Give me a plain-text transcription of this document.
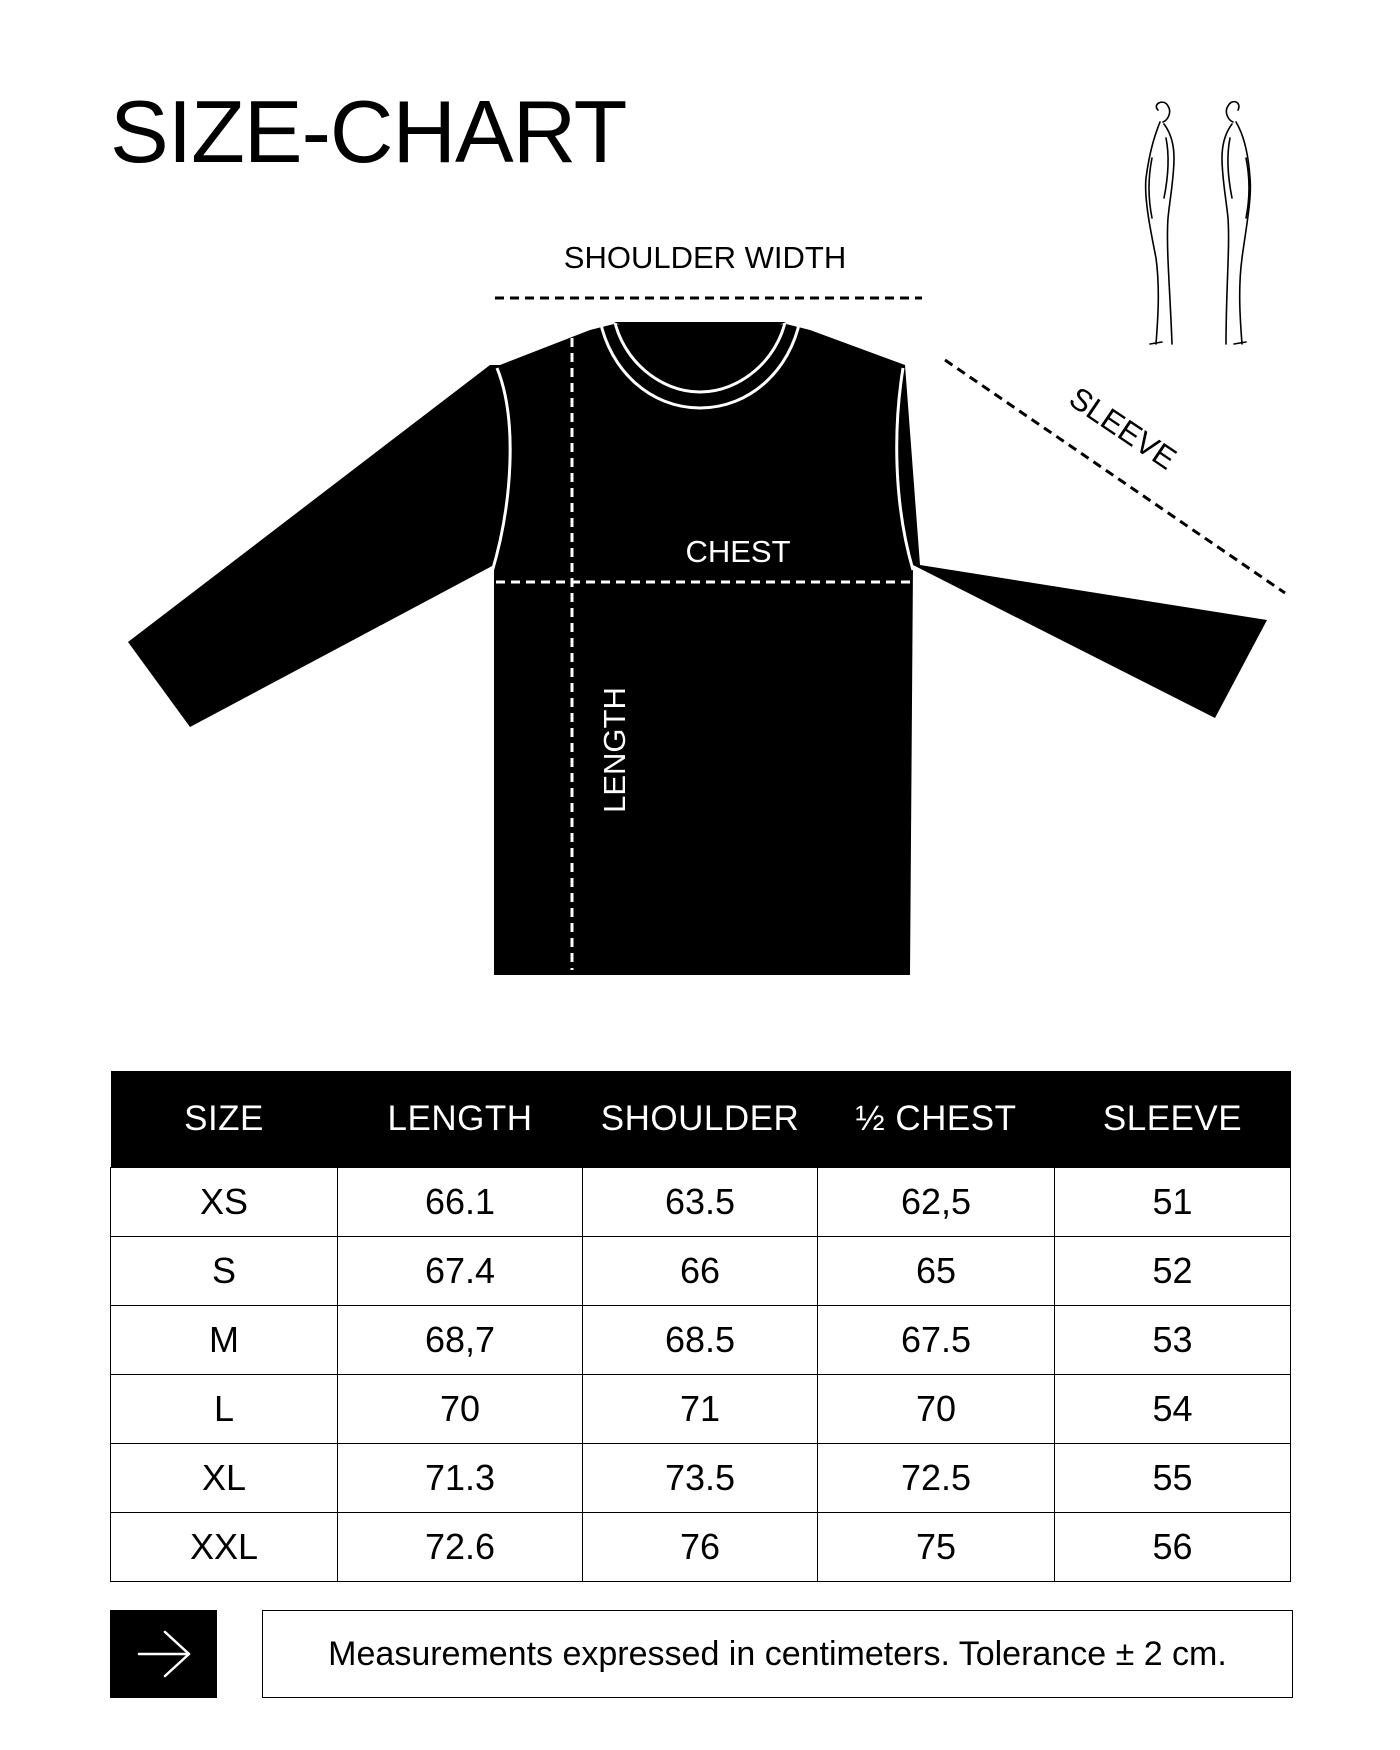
SIZE-CHART
SHOULDER WIDTH
SLEEVE
CHEST
LENGTH
SIZE	LENGTH	SHOULDER	½ CHEST	SLEEVE
XS	66.1	63.5	62,5	51
S	67.4	66	65	52
M	68,7	68.5	67.5	53
L	70	71	70	54
XL	71.3	73.5	72.5	55
XXL	72.6	76	75	56
Measurements expressed in centimeters. Tolerance ± 2 cm.
